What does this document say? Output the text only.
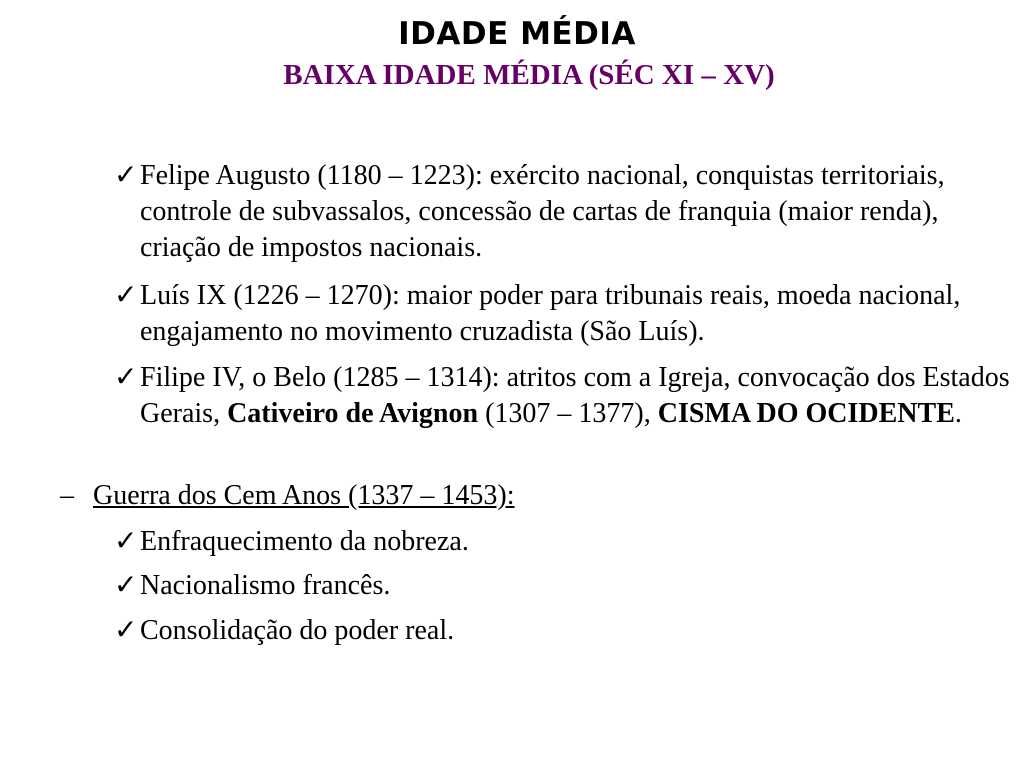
IDADE MÉDIA
BAIXA IDADE MÉDIA (SÉC XI – XV)
✓ Felipe Augusto (1180 – 1223): exército nacional, conquistas territoriais, controle de subvassalos, concessão de cartas de franquia (maior renda), criação de impostos nacionais.
✓ Luís IX (1226 – 1270): maior poder para tribunais reais, moeda nacional, engajamento no movimento cruzadista (São Luís).
✓ Filipe IV, o Belo (1285 – 1314): atritos com a Igreja, convocação dos Estados Gerais, Cativeiro de Avignon (1307 – 1377), CISMA DO OCIDENTE.
– Guerra dos Cem Anos (1337 – 1453):
✓ Enfraquecimento da nobreza.
✓ Nacionalismo francês.
✓ Consolidação do poder real.
